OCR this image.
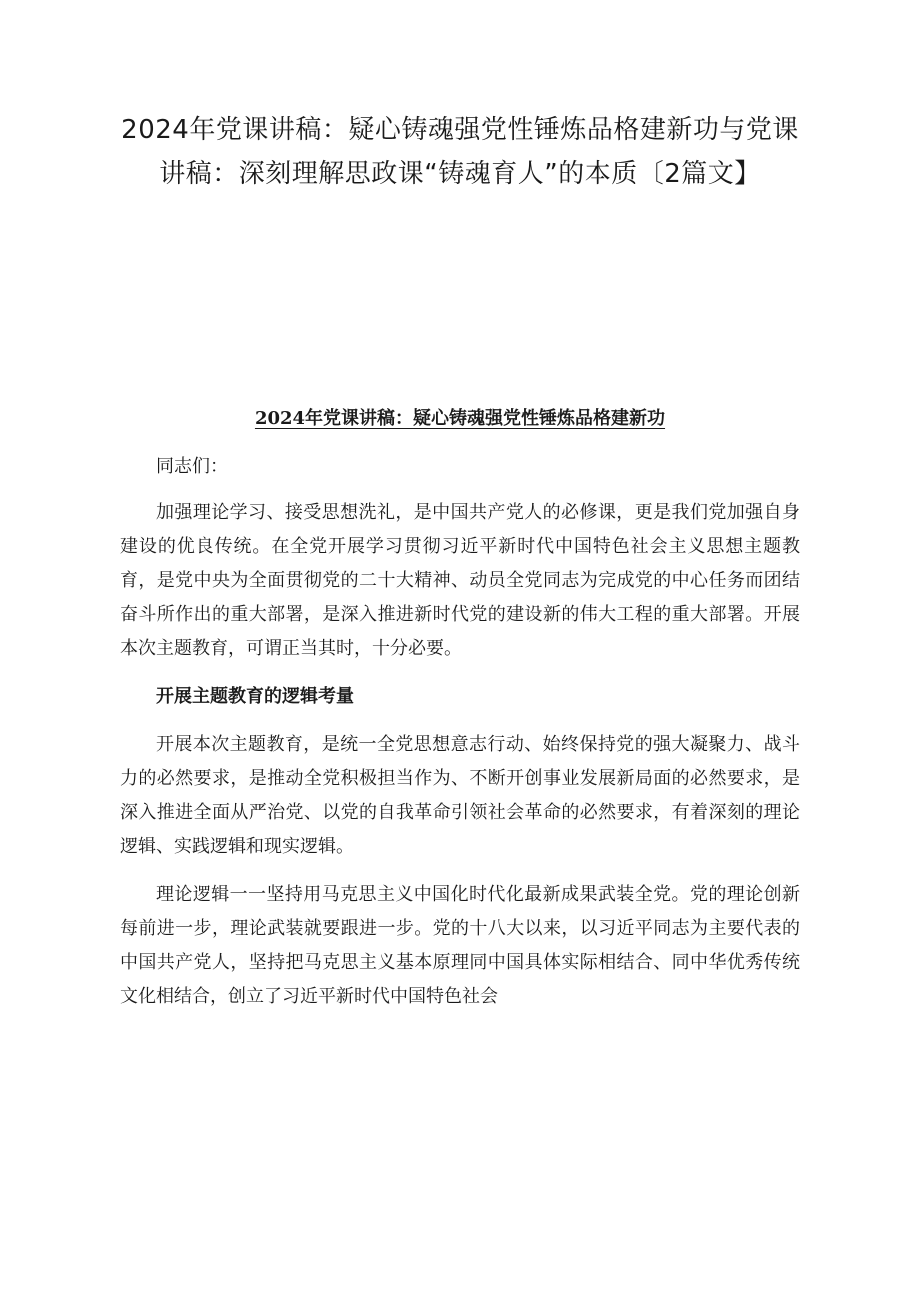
2024年党课讲稿：疑心铸魂强党性锤炼品格建新功与党课讲稿：深刻理解思政课“铸魂育人”的本质〔2篇文】
2024年党课讲稿：疑心铸魂强党性锤炼品格建新功

同志们：

加强理论学习、接受思想洗礼，是中国共产党人的必修课，更是我们党加强自身建设的优良传统。在全党开展学习贯彻习近平新时代中国特色社会主义思想主题教育，是党中央为全面贯彻党的二十大精神、动员全党同志为完成党的中心任务而团结奋斗所作出的重大部署，是深入推进新时代党的建设新的伟大工程的重大部署。开展本次主题教育，可谓正当其时，十分必要。

开展主题教育的逻辑考量

开展本次主题教育，是统一全党思想意志行动、始终保持党的强大凝聚力、战斗力的必然要求，是推动全党积极担当作为、不断开创事业发展新局面的必然要求，是深入推进全面从严治党、以党的自我革命引领社会革命的必然要求，有着深刻的理论逻辑、实践逻辑和现实逻辑。

理论逻辑一一坚持用马克思主义中国化时代化最新成果武装全党。党的理论创新每前进一步，理论武装就要跟进一步。党的十八大以来，以习近平同志为主要代表的中国共产党人，坚持把马克思主义基本原理同中国具体实际相结合、同中华优秀传统文化相结合，创立了习近平新时代中国特色社会
